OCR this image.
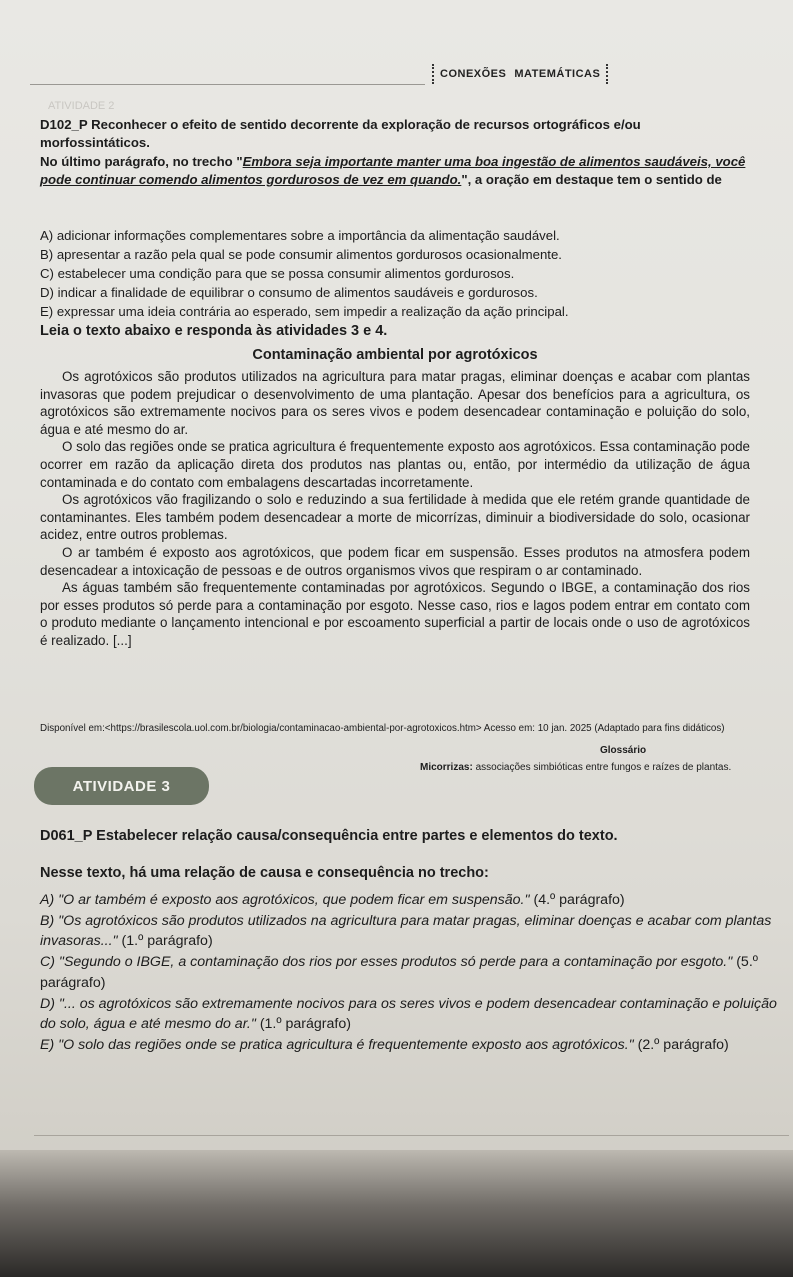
CONEXÕES MATEMÁTICAS
ATIVIDADE 2
D102_P Reconhecer o efeito de sentido decorrente da exploração de recursos ortográficos e/ou morfossintáticos.
No último parágrafo, no trecho "Embora seja importante manter uma boa ingestão de alimentos saudáveis, você pode continuar comendo alimentos gordurosos de vez em quando.", a oração em destaque tem o sentido de
A) adicionar informações complementares sobre a importância da alimentação saudável.
B) apresentar a razão pela qual se pode consumir alimentos gordurosos ocasionalmente.
C) estabelecer uma condição para que se possa consumir alimentos gordurosos.
D) indicar a finalidade de equilibrar o consumo de alimentos saudáveis e gordurosos.
E) expressar uma ideia contrária ao esperado, sem impedir a realização da ação principal.
Leia o texto abaixo e responda às atividades 3 e 4.
Contaminação ambiental por agrotóxicos
Os agrotóxicos são produtos utilizados na agricultura para matar pragas, eliminar doenças e acabar com plantas invasoras que podem prejudicar o desenvolvimento de uma plantação. Apesar dos benefícios para a agricultura, os agrotóxicos são extremamente nocivos para os seres vivos e podem desencadear contaminação e poluição do solo, água e até mesmo do ar.
O solo das regiões onde se pratica agricultura é frequentemente exposto aos agrotóxicos. Essa contaminação pode ocorrer em razão da aplicação direta dos produtos nas plantas ou, então, por intermédio da utilização de água contaminada e do contato com embalagens descartadas incorretamente.
Os agrotóxicos vão fragilizando o solo e reduzindo a sua fertilidade à medida que ele retém grande quantidade de contaminantes. Eles também podem desencadear a morte de micorrízas, diminuir a biodiversidade do solo, ocasionar acidez, entre outros problemas.
O ar também é exposto aos agrotóxicos, que podem ficar em suspensão. Esses produtos na atmosfera podem desencadear a intoxicação de pessoas e de outros organismos vivos que respiram o ar contaminado.
As águas também são frequentemente contaminadas por agrotóxicos. Segundo o IBGE, a contaminação dos rios por esses produtos só perde para a contaminação por esgoto. Nesse caso, rios e lagos podem entrar em contato com o produto mediante o lançamento intencional e por escoamento superficial a partir de locais onde o uso de agrotóxicos é realizado. [...]
Disponível em:<https://brasilescola.uol.com.br/biologia/contaminacao-ambiental-por-agrotoxicos.htm> Acesso em: 10 jan. 2025 (Adaptado para fins didáticos)
Glossário
Micorrizas: associações simbióticas entre fungos e raízes de plantas.
ATIVIDADE 3
D061_P Estabelecer relação causa/consequência entre partes e elementos do texto.
Nesse texto, há uma relação de causa e consequência no trecho:
A) "O ar também é exposto aos agrotóxicos, que podem ficar em suspensão." (4.º parágrafo)
B) "Os agrotóxicos são produtos utilizados na agricultura para matar pragas, eliminar doenças e acabar com plantas invasoras..." (1.º parágrafo)
C) "Segundo o IBGE, a contaminação dos rios por esses produtos só perde para a contaminação por esgoto." (5.º parágrafo)
D) "... os agrotóxicos são extremamente nocivos para os seres vivos e podem desencadear contaminação e poluição do solo, água e até mesmo do ar." (1.º parágrafo)
E) "O solo das regiões onde se pratica agricultura é frequentemente exposto aos agrotóxicos." (2.º parágrafo)
